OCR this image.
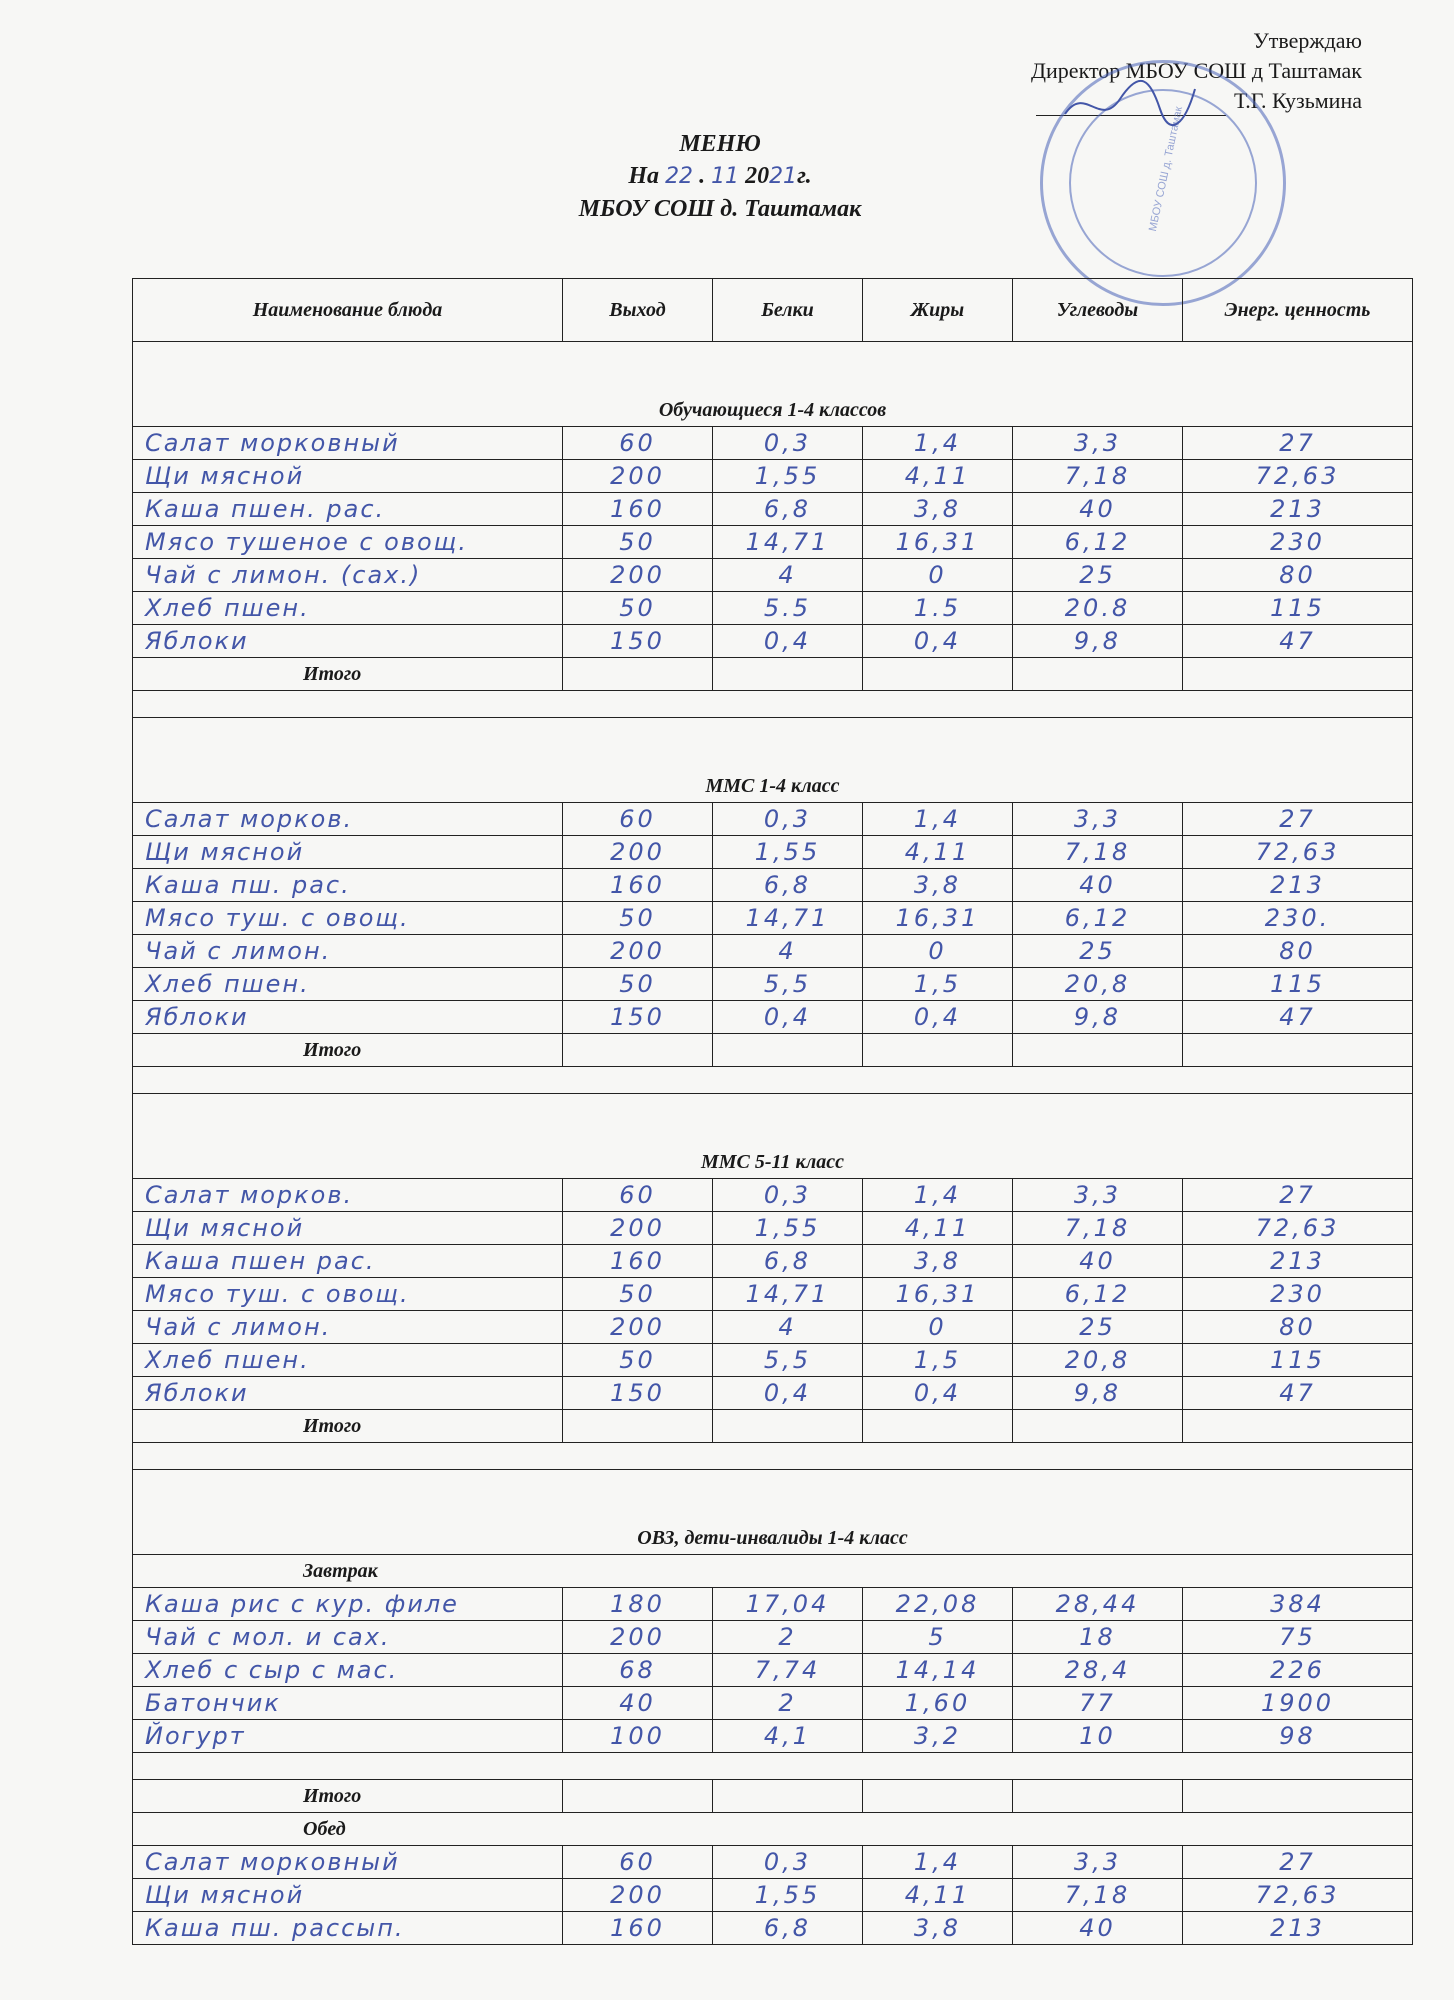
Утверждаю
Директор МБОУ СОШ д Таштамак
Т.Г. Кузьмина
МБОУ СОШ д. Таштамак
МЕНЮ
На 22 . 11 2021г.
МБОУ СОШ д. Таштамак
Наименование блюда	Выход	Белки	Жиры	Углеводы	Энерг. ценность
Обучающиеся 1-4 классов					
Салат морковный	60	0,3	1,4	3,3	27
Щи мясной	200	1,55	4,11	7,18	72,63
Каша пшен. рас.	160	6,8	3,8	40	213
Мясо тушеное с овощ.	50	14,71	16,31	6,12	230
Чай с лимон. (сах.)	200	4	0	25	80
Хлеб пшен.	50	5.5	1.5	20.8	115
Яблоки	150	0,4	0,4	9,8	47
Итого					

ММС 1-4 класс					
Салат морков.	60	0,3	1,4	3,3	27
Щи мясной	200	1,55	4,11	7,18	72,63
Каша пш. рас.	160	6,8	3,8	40	213
Мясо туш. с овощ.	50	14,71	16,31	6,12	230.
Чай с лимон.	200	4	0	25	80
Хлеб пшен.	50	5,5	1,5	20,8	115
Яблоки	150	0,4	0,4	9,8	47
Итого					

ММС 5-11 класс					
Салат морков.	60	0,3	1,4	3,3	27
Щи мясной	200	1,55	4,11	7,18	72,63
Каша пшен рас.	160	6,8	3,8	40	213
Мясо туш. с овощ.	50	14,71	16,31	6,12	230
Чай с лимон.	200	4	0	25	80
Хлеб пшен.	50	5,5	1,5	20,8	115
Яблоки	150	0,4	0,4	9,8	47
Итого					

ОВЗ, дети-инвалиды 1-4 класс					
Завтрак					
Каша рис с кур. филе	180	17,04	22,08	28,44	384
Чай с мол. и сах.	200	2	5	18	75
Хлеб с сыр с мас.	68	7,74	14,14	28,4	226
Батончик	40	2	1,60	77	1900
Йогурт	100	4,1	3,2	10	98

Итого					
Обед					
Салат морковный	60	0,3	1,4	3,3	27
Щи мясной	200	1,55	4,11	7,18	72,63
Каша пш. рассып.	160	6,8	3,8	40	213
